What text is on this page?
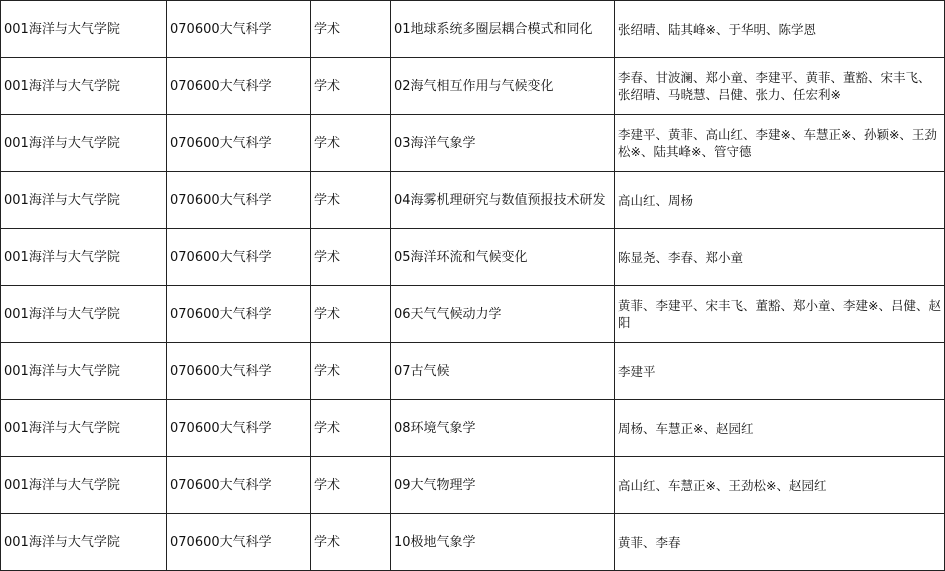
001海洋与大气学院	070600大气科学	学术	01地球系统多圈层耦合模式和同化	张绍晴、陆其峰※、于华明、陈学恩
001海洋与大气学院	070600大气科学	学术	02海气相互作用与气候变化	李春、甘波澜、郑小童、李建平、黄菲、董豁、宋丰飞、张绍晴、马晓慧、吕健、张力、任宏利※
001海洋与大气学院	070600大气科学	学术	03海洋气象学	李建平、黄菲、高山红、李建※、车慧正※、孙颖※、王劲松※、陆其峰※、管守德
001海洋与大气学院	070600大气科学	学术	04海雾机理研究与数值预报技术研发	高山红、周杨
001海洋与大气学院	070600大气科学	学术	05海洋环流和气候变化	陈显尧、李春、郑小童
001海洋与大气学院	070600大气科学	学术	06天气气候动力学	黄菲、李建平、宋丰飞、董豁、郑小童、李建※、吕健、赵阳
001海洋与大气学院	070600大气科学	学术	07古气候	李建平
001海洋与大气学院	070600大气科学	学术	08环境气象学	周杨、车慧正※、赵园红
001海洋与大气学院	070600大气科学	学术	09大气物理学	高山红、车慧正※、王劲松※、赵园红
001海洋与大气学院	070600大气科学	学术	10极地气象学	黄菲、李春
